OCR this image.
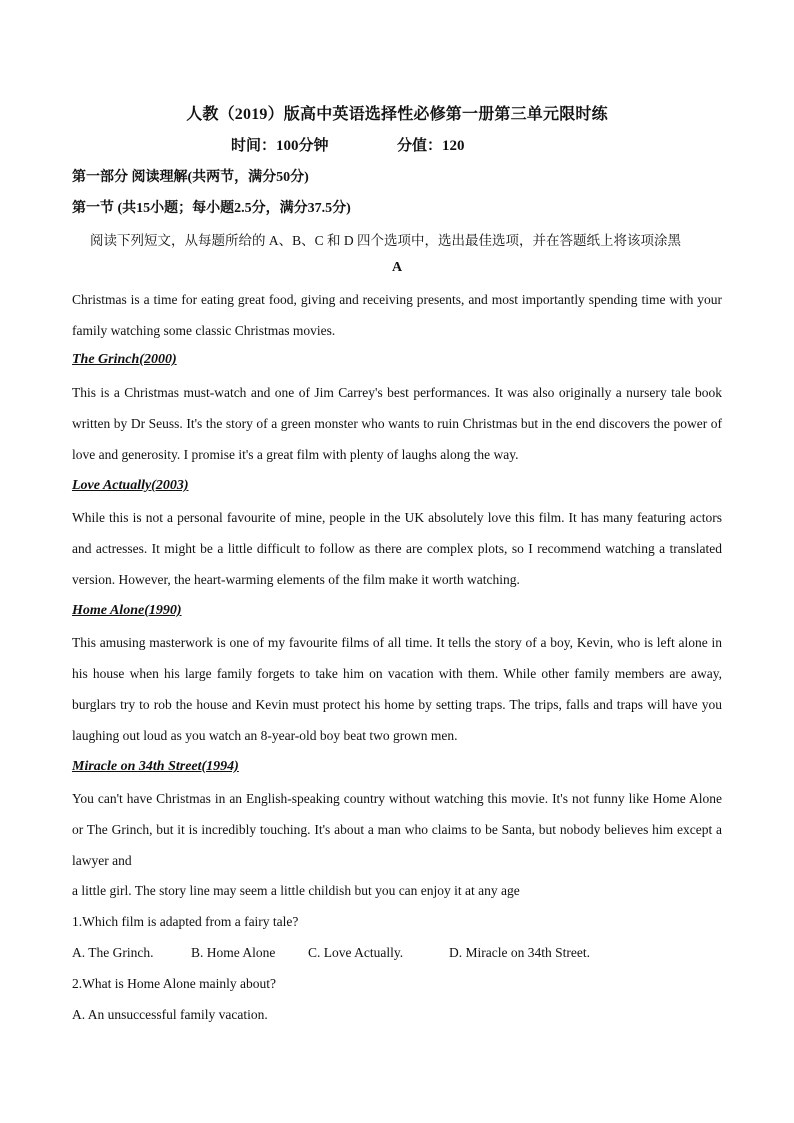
人教（2019）版高中英语选择性必修第一册第三单元限时练
时间：100分钟	分值：120
第一部分 阅读理解(共两节，满分50分)
第一节 (共15小题；每小题2.5分，满分37.5分)
阅读下列短文，从每题所给的 A、B、C 和 D 四个选项中，选出最佳选项，并在答题纸上将该项涂黑
A

Christmas is a time for eating great food, giving and receiving presents, and most importantly spending time with your family watching some classic Christmas movies.

The Grinch(2000)

This is a Christmas must-watch and one of Jim Carrey's best performances. It was also originally a nursery tale book written by Dr Seuss. It's the story of a green monster who wants to ruin Christmas but in the end discovers the power of love and generosity. I promise it's a great film with plenty of laughs along the way.

Love Actually(2003)

While this is not a personal favourite of mine, people in the UK absolutely love this film. It has many featuring actors and actresses. It might be a little difficult to follow as there are complex plots, so I recommend watching a translated version. However, the heart-warming elements of the film make it worth watching.

Home Alone(1990)

This amusing masterwork is one of my favourite films of all time. It tells the story of a boy, Kevin, who is left alone in his house when his large family forgets to take him on vacation with them. While other family members are away, burglars try to rob the house and Kevin must protect his home by setting traps. The trips, falls and traps will have you laughing out loud as you watch an 8-year-old boy beat two grown men.

Miracle on 34th Street(1994)

You can't have Christmas in an English-speaking country without watching this movie. It's not funny like Home Alone or The Grinch, but it is incredibly touching. It's about a man who claims to be Santa, but nobody believes him except a lawyer and

a little girl. The story line may seem a little childish but you can enjoy it at any age
1.Which film is adapted from a fairy tale?
A. The Grinch.	B. Home Alone C. Love Actually.	D. Miracle on 34th Street.
2.What is Home Alone mainly about?
A. An unsuccessful family vacation.
